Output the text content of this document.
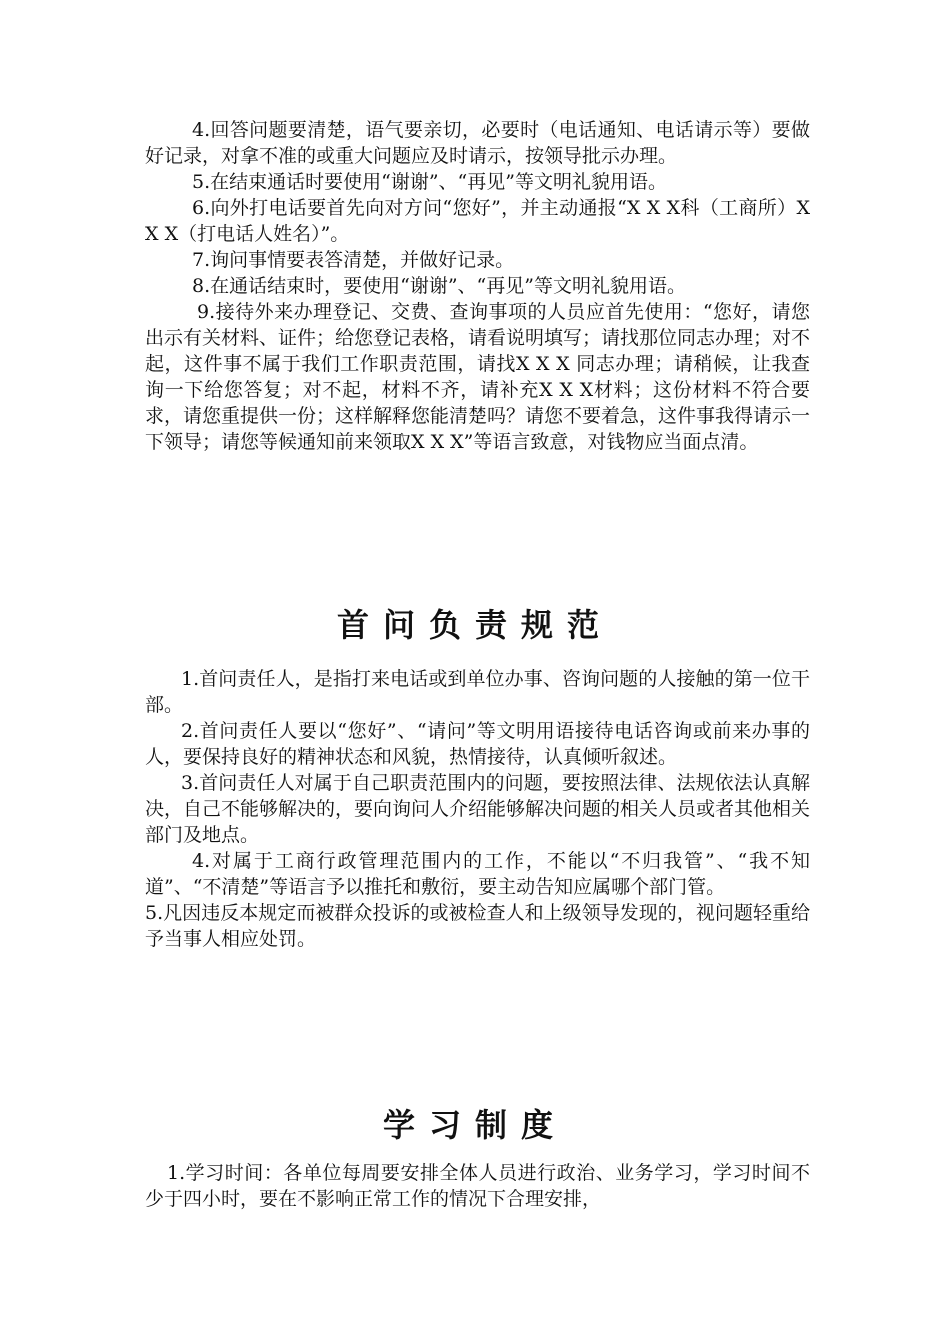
4.回答问题要清楚，语气要亲切，必要时（电话通知、电话请示等）要做好记录，对拿不准的或重大问题应及时请示，按领导批示办理。

5.在结束通话时要使用“谢谢”、“再见”等文明礼貌用语。

6.向外打电话要首先向对方问“您好”，并主动通报“X X X科（工商所）X X X（打电话人姓名）”。

7.询问事情要表答清楚，并做好记录。

8.在通话结束时，要使用“谢谢”、“再见”等文明礼貌用语。

9.接待外来办理登记、交费、查询事项的人员应首先使用：“您好，请您出示有关材料、证件；给您登记表格，请看说明填写；请找那位同志办理；对不起，这件事不属于我们工作职责范围，请找X X X 同志办理；请稍候，让我查询一下给您答复；对不起，材料不齐，请补充X X X材料；这份材料不符合要求，请您重提供一份；这样解释您能清楚吗？请您不要着急，这件事我得请示一下领导；请您等候通知前来领取X X X”等语言致意，对钱物应当面点清。

首问负责规范

1.首问责任人，是指打来电话或到单位办事、咨询问题的人接触的第一位干部。

2.首问责任人要以“您好”、“请问”等文明用语接待电话咨询或前来办事的人，要保持良好的精神状态和风貌，热情接待，认真倾听叙述。

3.首问责任人对属于自己职责范围内的问题，要按照法律、法规依法认真解决，自己不能够解决的，要向询问人介绍能够解决问题的相关人员或者其他相关部门及地点。

4.对属于工商行政管理范围内的工作，不能以“不归我管”、“我不知道”、“不清楚”等语言予以推托和敷衍，要主动告知应属哪个部门管。

5.凡因违反本规定而被群众投诉的或被检查人和上级领导发现的，视问题轻重给予当事人相应处罚。

学习制度

1.学习时间：各单位每周要安排全体人员进行政治、业务学习，学习时间不少于四小时，要在不影响正常工作的情况下合理安排，
